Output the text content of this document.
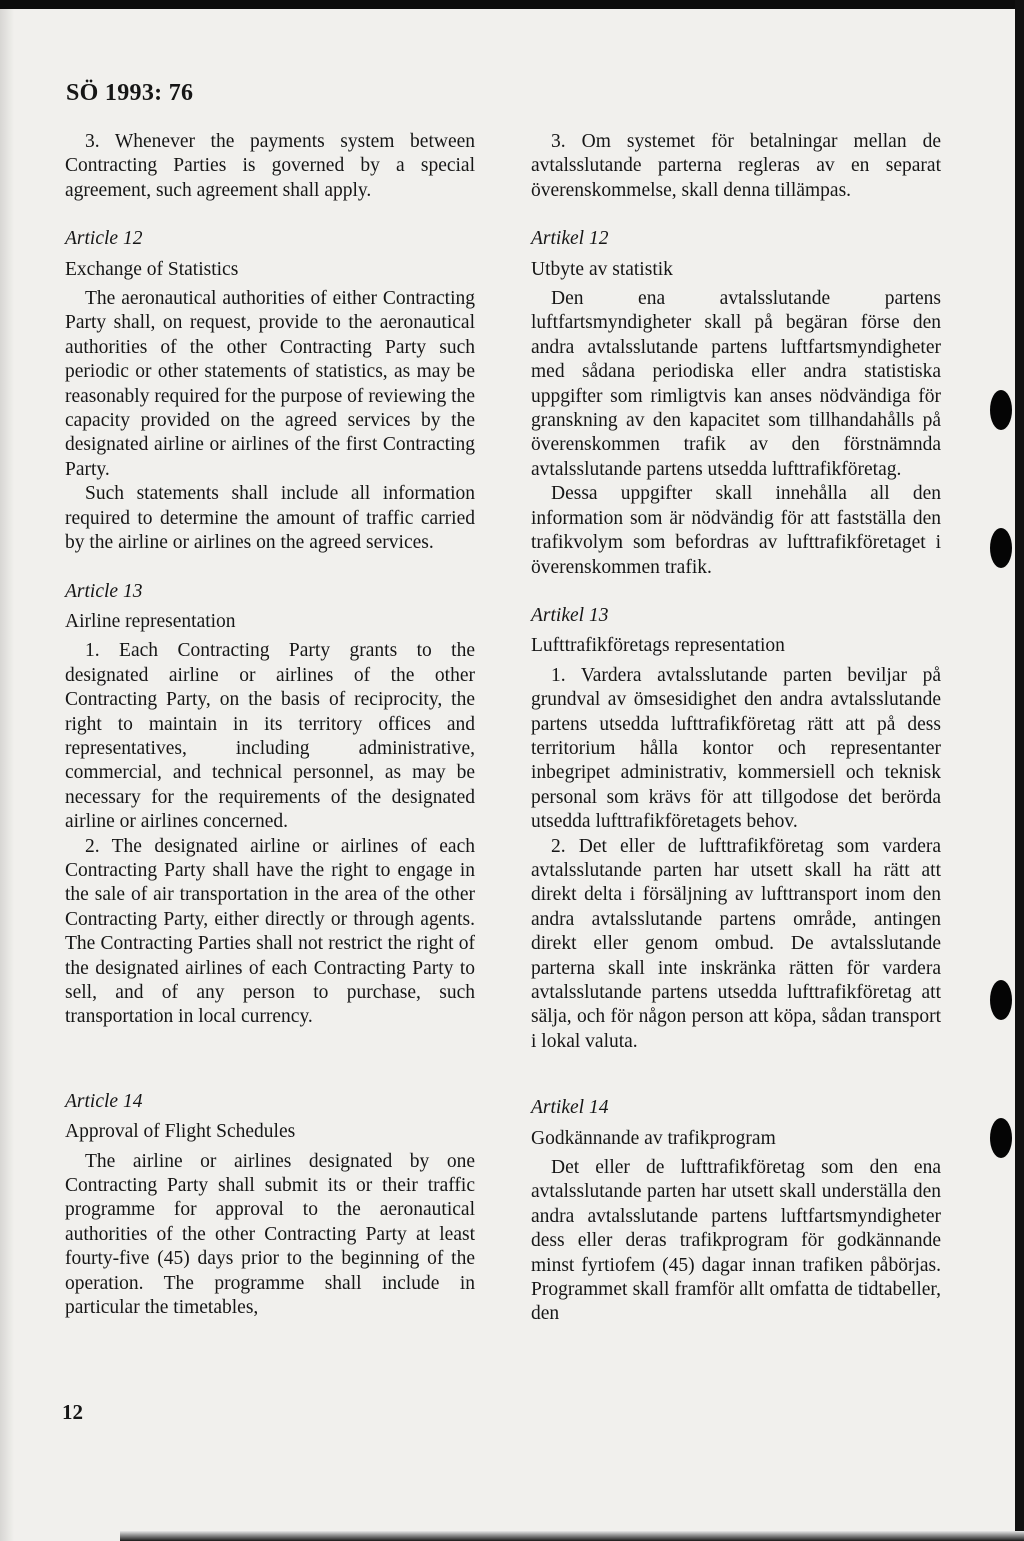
SÖ 1993: 76

3. Whenever the payments system between Contracting Parties is governed by a special agreement, such agreement shall apply.

Article 12
Exchange of Statistics

The aeronautical authorities of either Contracting Party shall, on request, provide to the aeronautical authorities of the other Contracting Party such periodic or other statements of statistics, as may be reasonably required for the purpose of reviewing the capacity provided on the agreed services by the designated airline or airlines of the first Contracting Party.

Such statements shall include all information required to determine the amount of traffic carried by the airline or airlines on the agreed services.

Article 13
Airline representation

1. Each Contracting Party grants to the designated airline or airlines of the other Contracting Party, on the basis of reciprocity, the right to maintain in its territory offices and representatives, including administrative, commercial, and technical personnel, as may be necessary for the requirements of the designated airline or airlines concerned.

2. The designated airline or airlines of each Contracting Party shall have the right to engage in the sale of air transportation in the area of the other Contracting Party, either directly or through agents. The Contracting Parties shall not restrict the right of the designated airlines of each Contracting Party to sell, and of any person to purchase, such transportation in local currency.

Article 14
Approval of Flight Schedules

The airline or airlines designated by one Contracting Party shall submit its or their traffic programme for approval to the aeronautical authorities of the other Contracting Party at least fourty-five (45) days prior to the beginning of the operation. The programme shall include in particular the timetables,

3. Om systemet för betalningar mellan de avtalsslutande parterna regleras av en separat överenskommelse, skall denna tillämpas.

Artikel 12
Utbyte av statistik

Den ena avtalsslutande partens luftfartsmyndigheter skall på begäran förse den andra avtalsslutande partens luftfartsmyndigheter med sådana periodiska eller andra statistiska uppgifter som rimligtvis kan anses nödvändiga för granskning av den kapacitet som tillhandahålls på överenskommen trafik av den förstnämnda avtalsslutande partens utsedda lufttrafikföretag.

Dessa uppgifter skall innehålla all den information som är nödvändig för att fastställa den trafikvolym som befordras av lufttrafikföretaget i överenskommen trafik.

Artikel 13
Lufttrafikföretags representation

1. Vardera avtalsslutande parten beviljar på grundval av ömsesidighet den andra avtalsslutande partens utsedda lufttrafikföretag rätt att på dess territorium hålla kontor och representanter inbegripet administrativ, kommersiell och teknisk personal som krävs för att tillgodose det berörda utsedda lufttrafikföretagets behov.

2. Det eller de lufttrafikföretag som vardera avtalsslutande parten har utsett skall ha rätt att direkt delta i försäljning av lufttransport inom den andra avtalsslutande partens område, antingen direkt eller genom ombud. De avtalsslutande parterna skall inte inskränka rätten för vardera avtalsslutande partens utsedda lufttrafikföretag att sälja, och för någon person att köpa, sådan transport i lokal valuta.

Artikel 14
Godkännande av trafikprogram

Det eller de lufttrafikföretag som den ena avtalsslutande parten har utsett skall underställa den andra avtalsslutande partens luftfartsmyndigheter dess eller deras trafikprogram för godkännande minst fyrtiofem (45) dagar innan trafiken påbörjas. Programmet skall framför allt omfatta de tidtabeller, den

12
